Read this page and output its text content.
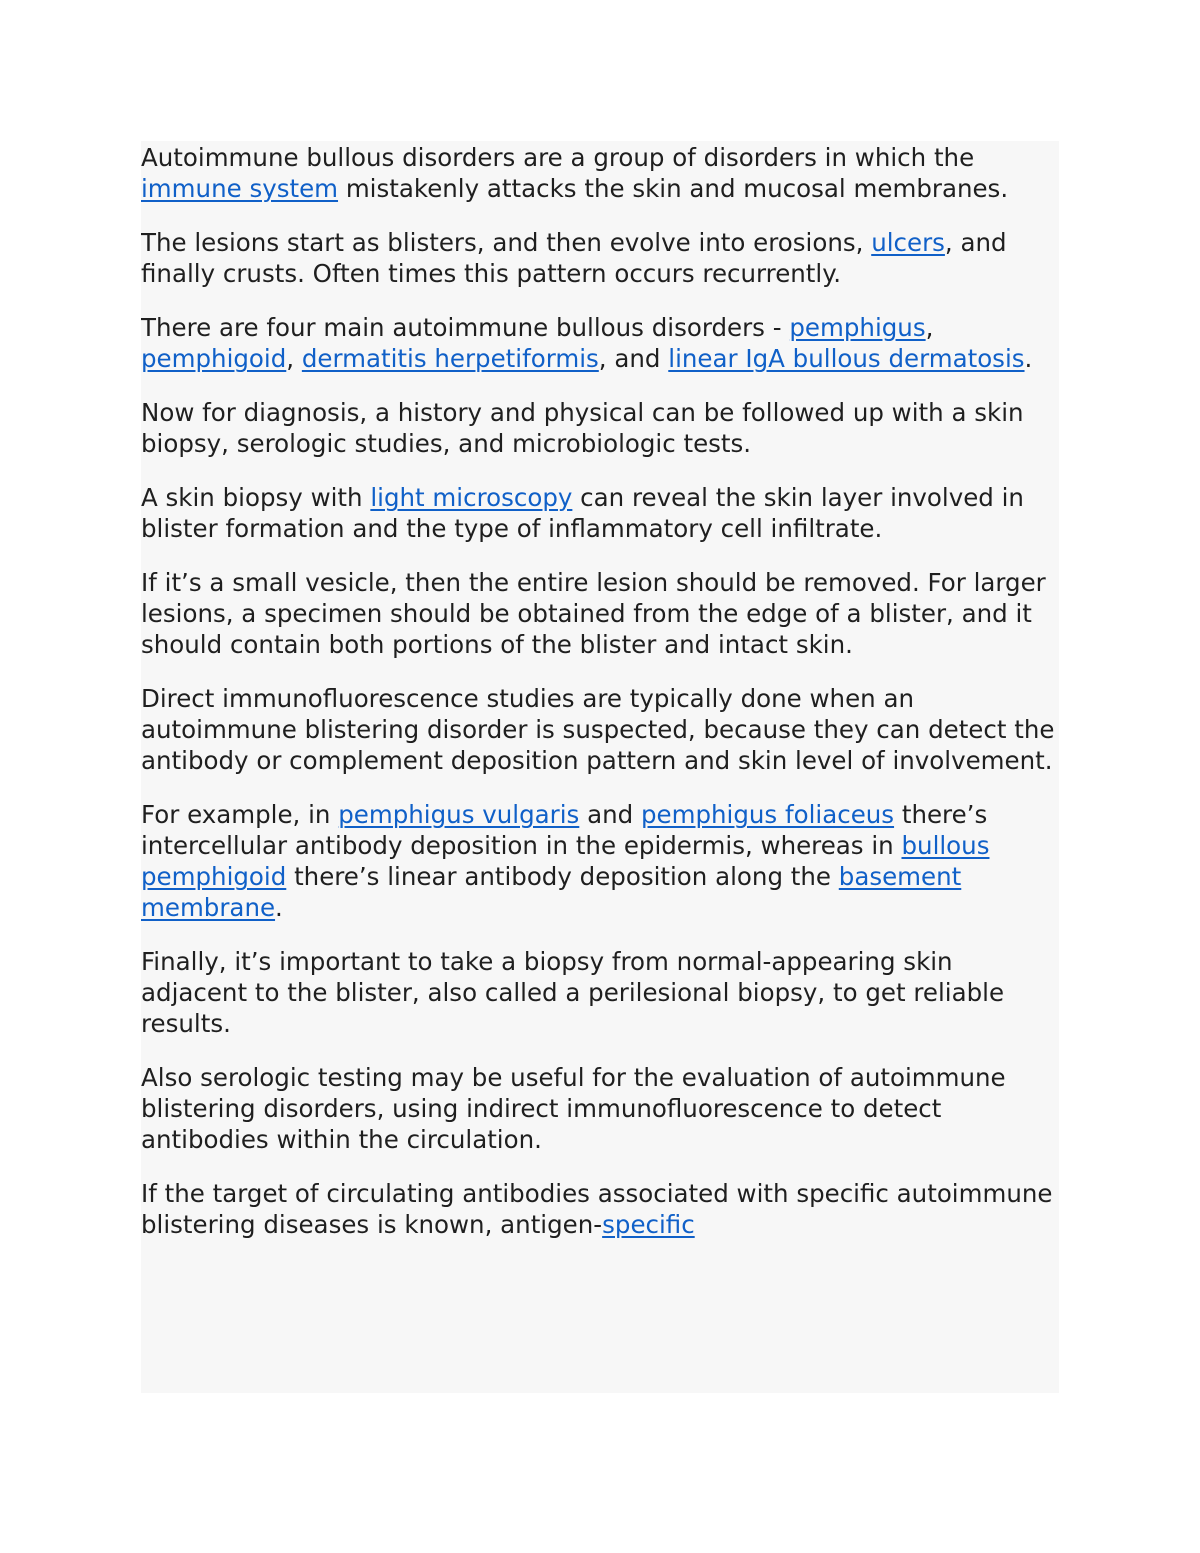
Autoimmune bullous disorders are a group of disorders in which the immune system mistakenly attacks the skin and mucosal membranes.

The lesions start as blisters, and then evolve into erosions, ulcers, and finally crusts. Often times this pattern occurs recurrently.

There are four main autoimmune bullous disorders - pemphigus, pemphigoid, dermatitis herpetiformis, and linear IgA bullous dermatosis.

Now for diagnosis, a history and physical can be followed up with a skin biopsy, serologic studies, and microbiologic tests.

A skin biopsy with light microscopy can reveal the skin layer involved in blister formation and the type of inflammatory cell infiltrate.

If it’s a small vesicle, then the entire lesion should be removed. For larger lesions, a specimen should be obtained from the edge of a blister, and it should contain both portions of the blister and intact skin.

Direct immunofluorescence studies are typically done when an autoimmune blistering disorder is suspected, because they can detect the antibody or complement deposition pattern and skin level of involvement.

For example, in pemphigus vulgaris and pemphigus foliaceus there’s intercellular antibody deposition in the epidermis, whereas in bullous pemphigoid there’s linear antibody deposition along the basement membrane.

Finally, it’s important to take a biopsy from normal-appearing skin adjacent to the blister, also called a perilesional biopsy, to get reliable results.

Also serologic testing may be useful for the evaluation of autoimmune blistering disorders, using indirect immunofluorescence to detect antibodies within the circulation.

If the target of circulating antibodies associated with specific autoimmune blistering diseases is known, antigen-specific
